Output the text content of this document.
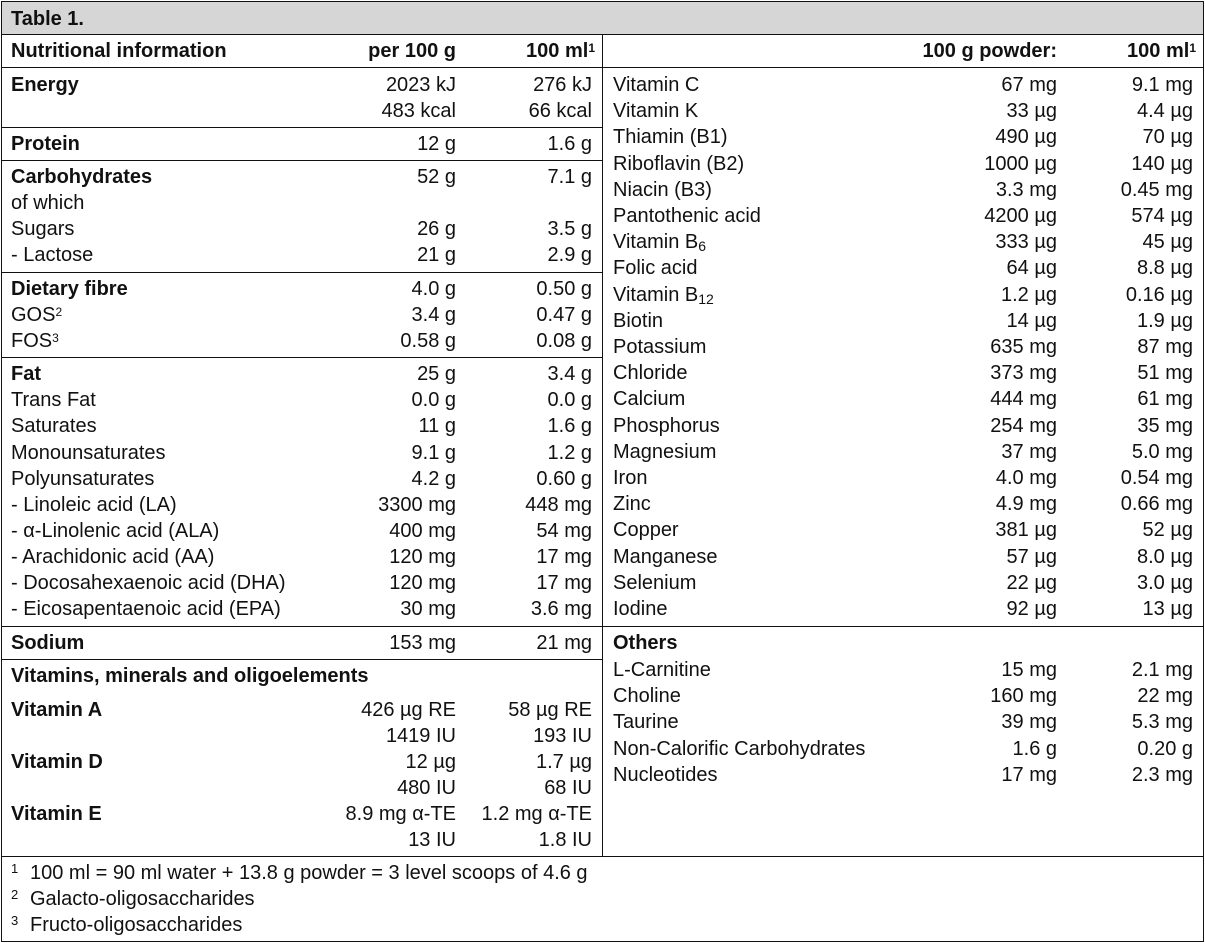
Table 1.
Nutritional information	per 100 g	100 $ml^1$
Energy	2023 kJ	276 kJ
483 kcal	66 kcal
Protein	12 g	1.6 g
Carbohydrates	52 g	7.1 g
of which
Sugars	26 g	3.5 g
- Lactose	21 g	2.9 g
Dietary fibre	4.0 g	0.50 g
GOS$^2$	3.4 g	0.47 g
FOS$^3$	0.58 g	0.08 g
Fat	25 g	3.4 g
Trans Fat	0.0 g	0.0 g
Saturates	11 g	1.6 g
Monounsaturates	9.1 g	1.2 g
Polyunsaturates	4.2 g	0.60 g
- Linoleic acid (LA)	3300 mg	448 mg
- α-Linolenic acid (ALA)	400 mg	54 mg
- Arachidonic acid (AA)	120 mg	17 mg
- Docosahexaenoic acid (DHA)	120 mg	17 mg
- Eicosapentaenoic acid (EPA)	30 mg	3.6 mg
Sodium	153 mg	21 mg
Vitamins, minerals and oligoelements
Vitamin A	426 µg RE	58 µg RE
1419 IU	193 IU
Vitamin D	12 µg	1.7 µg
480 IU	68 IU
Vitamin E	8.9 mg α-TE	1.2 mg α-TE
13 IU	1.8 IU
100 g powder:	100 $ml^1$
Vitamin C	67 mg	9.1 mg
Vitamin K	33 µg	4.4 µg
Thiamin (B1)	490 µg	70 µg
Riboflavin (B2)	1000 µg	140 µg
Niacin (B3)	3.3 mg	0.45 mg
Pantothenic acid	4200 µg	574 µg
Vitamin $B_6$	333 µg	45 µg
Folic acid	64 µg	8.8 µg
Vitamin $B_{12}$	1.2 µg	0.16 µg
Biotin	14 µg	1.9 µg
Potassium	635 mg	87 mg
Chloride	373 mg	51 mg
Calcium	444 mg	61 mg
Phosphorus	254 mg	35 mg
Magnesium	37 mg	5.0 mg
Iron	4.0 mg	0.54 mg
Zinc	4.9 mg	0.66 mg
Copper	381 µg	52 µg
Manganese	57 µg	8.0 µg
Selenium	22 µg	3.0 µg
Iodine	92 µg	13 µg
Others
L-Carnitine	15 mg	2.1 mg
Choline	160 mg	22 mg
Taurine	39 mg	5.3 mg
Non-Calorific Carbohydrates	1.6 g	0.20 g
Nucleotides	17 mg	2.3 mg
1 100 ml = 90 ml water + 13.8 g powder = 3 level scoops of 4.6 g
2 Galacto-oligosaccharides
3 Fructo-oligosaccharides
